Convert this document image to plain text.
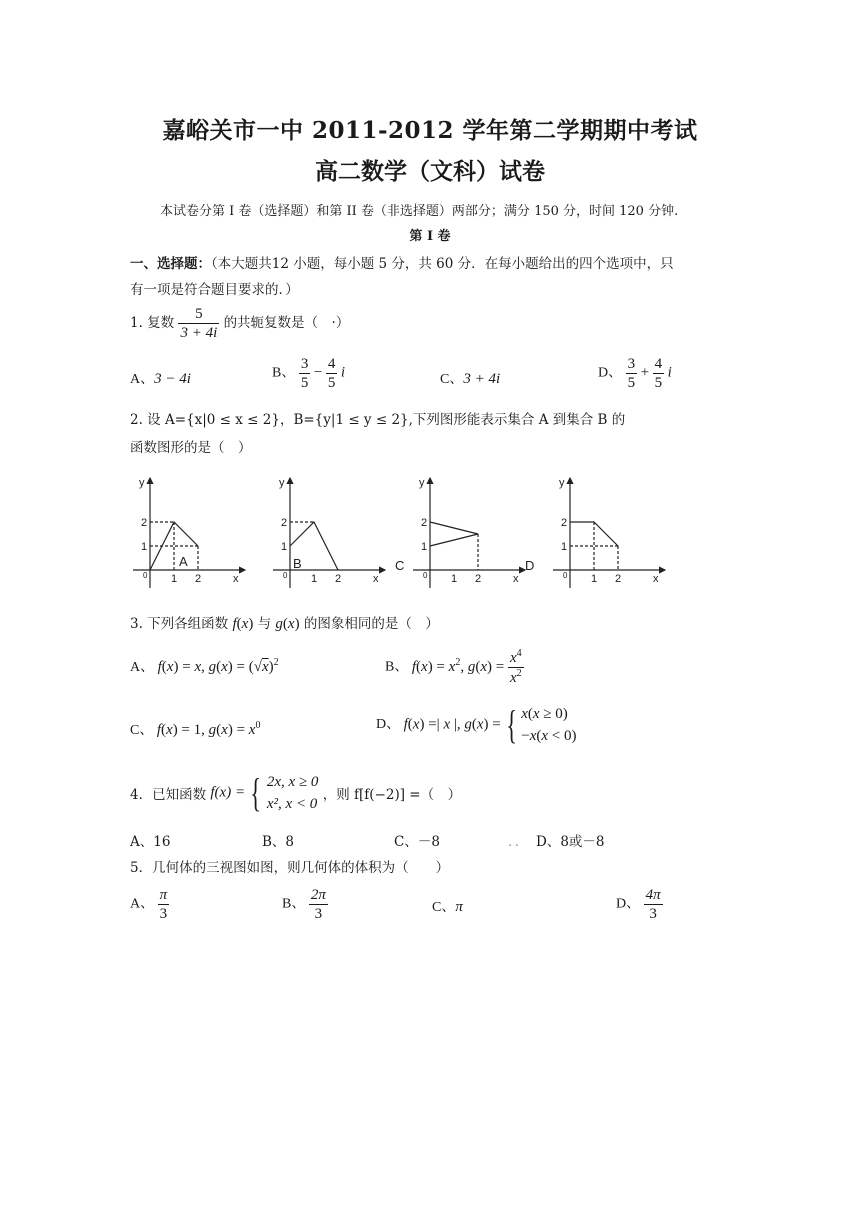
嘉峪关市一中 2011-2012 学年第二学期期中考试
高二数学（文科）试卷
本试卷分第 I 卷（选择题）和第 II 卷（非选择题）两部分；满分 150 分，时间 120 分钟.
第 I 卷
一、选择题：（本大题共12 小题，每小题 5 分，共 60 分．在每小题给出的四个选项中，只
有一项是符合题目要求的．）
1. 复数 $\frac{5}{3 + 4i}$ 的共轭复数是（　·）
A、3 − 4i	B、 $\frac{3}{5} - \frac{4}{5}$ i	C、3 + 4i	D、 $\frac{3}{5} + \frac{4}{5}$ i
2. 设 A={x|0 ≤ x ≤ 2}，B={y|1 ≤ y ≤ 2},下列图形能表示集合 A 到集合 B 的
函数图形的是（　）
y
x
2
1
0 1 2
A
y
x
2
1
0 1 2
B
y
x
2
1
0 1 2
C
y
x
2
1
0 1 2
D
3. 下列各组函数 f(x) 与 g(x) 的图象相同的是（　）
A、 f(x) = x, $g(x) = (√x)^2$	B、 $f(x) = x^2$, $g(x) = \frac{x^4}{x^2}$
C、 f(x) = 1, $g(x) = x^0$	D、 f(x) =| x |, g(x) = { x(x ≥ 0)
−x(x < 0)
4．已知函数 f(x) = { 2x, x ≥ 0
x², x < 0 ，则 f[f(−2)] =（　）
A、16	B、8	C、－8	．． D、8或－8
5．几何体的三视图如图，则几何体的体积为（　　）
A、 $\frac{\pi}{3}$	B、 $\frac{2\pi}{3}$	C、π	D、 $\frac{4\pi}{3}$
